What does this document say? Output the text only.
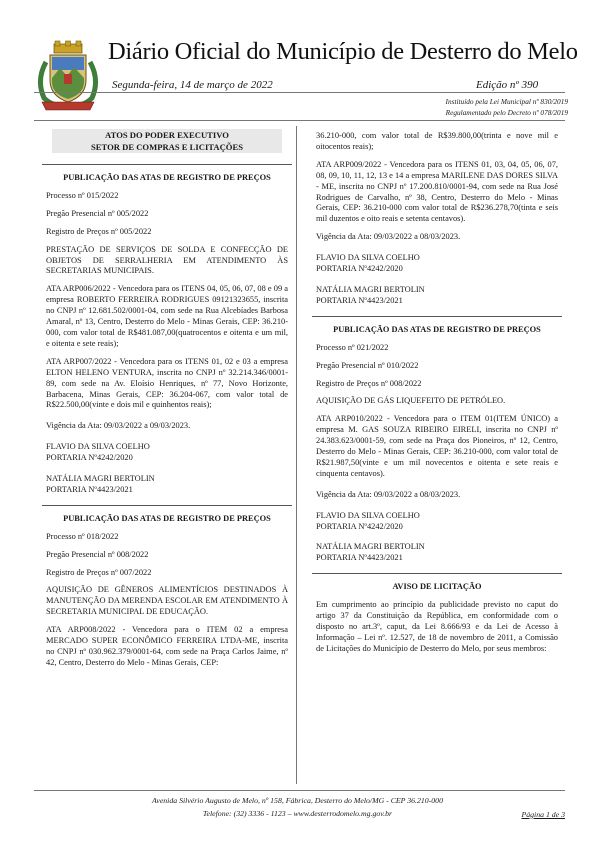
Diário Oficial do Município de Desterro do Melo
Segunda-feira, 14 de março de 2022	Edição nº 390
Instituído pela Lei Municipal nº 830/2019
Regulamentado pelo Decreto nº 078/2019
ATOS DO PODER EXECUTIVO
SETOR DE COMPRAS E LICITAÇÕES

PUBLICAÇÃO DAS ATAS DE REGISTRO DE PREÇOS

Processo nº 015/2022

Pregão Presencial nº 005/2022

Registro de Preços nº 005/2022

PRESTAÇÃO DE SERVIÇOS DE SOLDA E CONFECÇÃO DE OBJETOS DE SERRALHERIA EM ATENDIMENTO ÀS SECRETARIAS MUNICIPAIS.

ATA ARP006/2022 - Vencedora para os ITENS 04, 05, 06, 07, 08 e 09 a empresa ROBERTO FERREIRA RODRIGUES 09121323655, inscrita no CNPJ nº 12.681.502/0001-04, com sede na Rua Alcebíades Barbosa Amaral, nº 13, Centro, Desterro do Melo - Minas Gerais, CEP: 36.210-000, com valor total de R$481.087,00(quatrocentos e oitenta e um mil, e oitenta e sete reais);

ATA ARP007/2022 - Vencedora para os ITENS 01, 02 e 03 a empresa ELTON HELENO VENTURA, inscrita no CNPJ nº 32.214.346/0001-89, com sede na Av. Eloísio Henriques, nº 77, Novo Horizonte, Barbacena, Minas Gerais, CEP: 36.204-067, com valor total de R$22.500,00(vinte e dois mil e quinhentos reais);

Vigência da Ata: 09/03/2022 a 09/03/2023.

FLAVIO DA SILVA COELHO

PORTARIA Nº4242/2020

NATÁLIA MAGRI BERTOLIN

PORTARIA Nº4423/2021

PUBLICAÇÃO DAS ATAS DE REGISTRO DE PREÇOS

Processo nº 018/2022

Pregão Presencial nº 008/2022

Registro de Preços nº 007/2022

AQUISIÇÃO DE GÊNEROS ALIMENTÍCIOS DESTINADOS À MANUTENÇÃO DA MERENDA ESCOLAR EM ATENDIMENTO À SECRETARIA MUNICIPAL DE EDUCAÇÃO.

ATA ARP008/2022 - Vencedora para o ITEM 02 a empresa MERCADO SUPER ECONÔMICO FERREIRA LTDA-ME, inscrita no CNPJ nº 030.962.379/0001-64, com sede na Praça Carlos Jaime, nº 42, Centro, Desterro do Melo - Minas Gerais, CEP:

36.210-000, com valor total de R$39.800,00(trinta e nove mil e oitocentos reais);

ATA ARP009/2022 - Vencedora para os ITENS 01, 03, 04, 05, 06, 07, 08, 09, 10, 11, 12, 13 e 14 a empresa MARILENE DAS DORES SILVA - ME, inscrita no CNPJ nº 17.200.810/0001-94, com sede na Rua José Rodrigues de Carvalho, nº 38, Centro, Desterro do Melo - Minas Gerais, CEP: 36.210-000 com valor total de R$236.278,70(tinta e seis mil duzentos e oito reais e setenta centavos).

Vigência da Ata: 09/03/2022 a 08/03/2023.

FLAVIO DA SILVA COELHO

PORTARIA Nº4242/2020

NATÁLIA MAGRI BERTOLIN

PORTARIA Nº4423/2021

PUBLICAÇÃO DAS ATAS DE REGISTRO DE PREÇOS

Processo nº 021/2022

Pregão Presencial nº 010/2022

Registro de Preços nº 008/2022

AQUISIÇÃO DE GÁS LIQUEFEITO DE PETRÓLEO.

ATA ARP010/2022 - Vencedora para o ITEM 01(ITEM ÚNICO) a empresa M. GAS SOUZA RIBEIRO EIRELI, inscrita no CNPJ nº 24.383.623/0001-59, com sede na Praça dos Pioneiros, nº 12, Centro, Desterro do Melo - Minas Gerais, CEP: 36.210-000, com valor total de R$21.987,50(vinte e um mil novecentos e oitenta e sete reais e cinquenta centavos).

Vigência da Ata: 09/03/2022 a 08/03/2023.

FLAVIO DA SILVA COELHO

PORTARIA Nº4242/2020

NATÁLIA MAGRI BERTOLIN

PORTARIA Nº4423/2021

AVISO DE LICITAÇÃO

Em cumprimento ao princípio da publicidade previsto no caput do artigo 37 da Constituição da República, em conformidade com o disposto no art.3º, caput, da Lei 8.666/93 e da Lei de Acesso à Informação – Lei nº. 12.527, de 18 de novembro de 2011, a Comissão de Licitações do Município de Desterro do Melo, por seus membros:

Avenida Silvério Augusto de Melo, nº 158, Fábrica, Desterro do Melo/MG - CEP 36.210-000
Telefone: (32) 3336 - 1123 – www.desterrodomelo.mg.gov.br	Página 1 de 3
